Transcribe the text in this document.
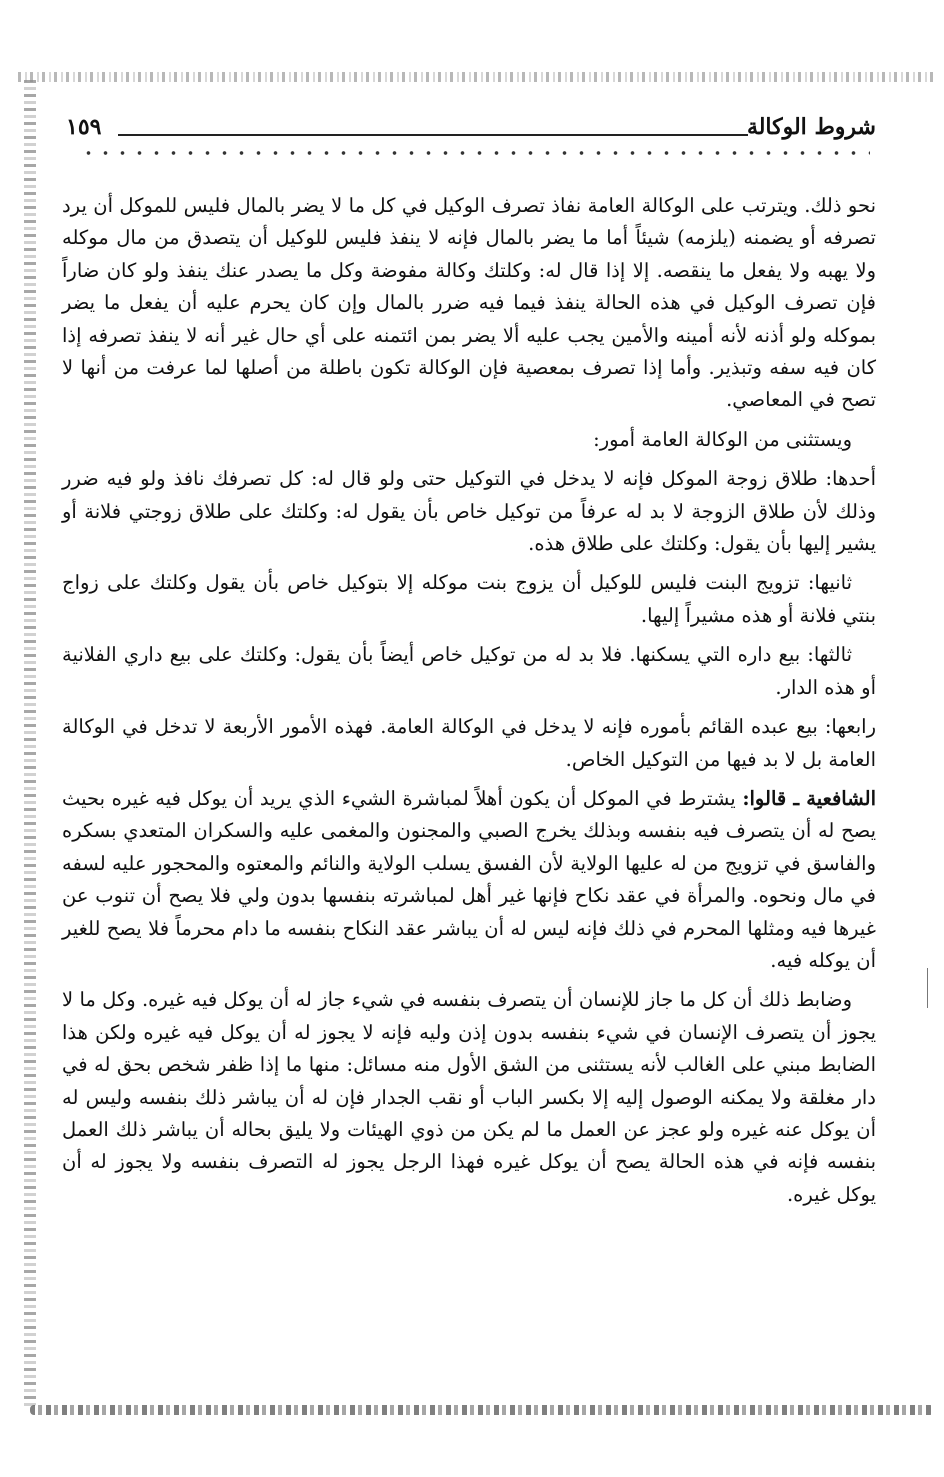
شروط الوكالة
١٥٩

نحو ذلك. ويترتب على الوكالة العامة نفاذ تصرف الوكيل في كل ما لا يضر بالمال فليس للموكل أن يرد تصرفه أو يضمنه (يلزمه) شيئاً أما ما يضر بالمال فإنه لا ينفذ فليس للوكيل أن يتصدق من مال موكله ولا يهبه ولا يفعل ما ينقصه. إلا إذا قال له: وكلتك وكالة مفوضة وكل ما يصدر عنك ينفذ ولو كان ضاراً فإن تصرف الوكيل في هذه الحالة ينفذ فيما فيه ضرر بالمال وإن كان يحرم عليه أن يفعل ما يضر بموكله ولو أذنه لأنه أمينه والأمين يجب عليه ألا يضر بمن ائتمنه على أي حال غير أنه لا ينفذ تصرفه إذا كان فيه سفه وتبذير. وأما إذا تصرف بمعصية فإن الوكالة تكون باطلة من أصلها لما عرفت من أنها لا تصح في المعاصي.

ويستثنى من الوكالة العامة أمور:

أحدها: طلاق زوجة الموكل فإنه لا يدخل في التوكيل حتى ولو قال له: كل تصرفك نافذ ولو فيه ضرر وذلك لأن طلاق الزوجة لا بد له عرفاً من توكيل خاص بأن يقول له: وكلتك على طلاق زوجتي فلانة أو يشير إليها بأن يقول: وكلتك على طلاق هذه.

ثانيها: تزويج البنت فليس للوكيل أن يزوج بنت موكله إلا بتوكيل خاص بأن يقول وكلتك على زواج بنتي فلانة أو هذه مشيراً إليها.

ثالثها: بيع داره التي يسكنها. فلا بد له من توكيل خاص أيضاً بأن يقول: وكلتك على بيع داري الفلانية أو هذه الدار.

رابعها: بيع عبده القائم بأموره فإنه لا يدخل في الوكالة العامة. فهذه الأمور الأربعة لا تدخل في الوكالة العامة بل لا بد فيها من التوكيل الخاص.

الشافعية ـ قالوا: يشترط في الموكل أن يكون أهلاً لمباشرة الشيء الذي يريد أن يوكل فيه غيره بحيث يصح له أن يتصرف فيه بنفسه وبذلك يخرج الصبي والمجنون والمغمى عليه والسكران المتعدي بسكره والفاسق في تزويج من له عليها الولاية لأن الفسق يسلب الولاية والنائم والمعتوه والمحجور عليه لسفه في مال ونحوه. والمرأة في عقد نكاح فإنها غير أهل لمباشرته بنفسها بدون ولي فلا يصح أن تنوب عن غيرها فيه ومثلها المحرم في ذلك فإنه ليس له أن يباشر عقد النكاح بنفسه ما دام محرماً فلا يصح للغير أن يوكله فيه.

وضابط ذلك أن كل ما جاز للإنسان أن يتصرف بنفسه في شيء جاز له أن يوكل فيه غيره. وكل ما لا يجوز أن يتصرف الإنسان في شيء بنفسه بدون إذن وليه فإنه لا يجوز له أن يوكل فيه غيره ولكن هذا الضابط مبني على الغالب لأنه يستثنى من الشق الأول منه مسائل: منها ما إذا ظفر شخص بحق له في دار مغلقة ولا يمكنه الوصول إليه إلا بكسر الباب أو نقب الجدار فإن له أن يباشر ذلك بنفسه وليس له أن يوكل عنه غيره ولو عجز عن العمل ما لم يكن من ذوي الهيئات ولا يليق بحاله أن يباشر ذلك العمل بنفسه فإنه في هذه الحالة يصح أن يوكل غيره فهذا الرجل يجوز له التصرف بنفسه ولا يجوز له أن يوكل غيره.
